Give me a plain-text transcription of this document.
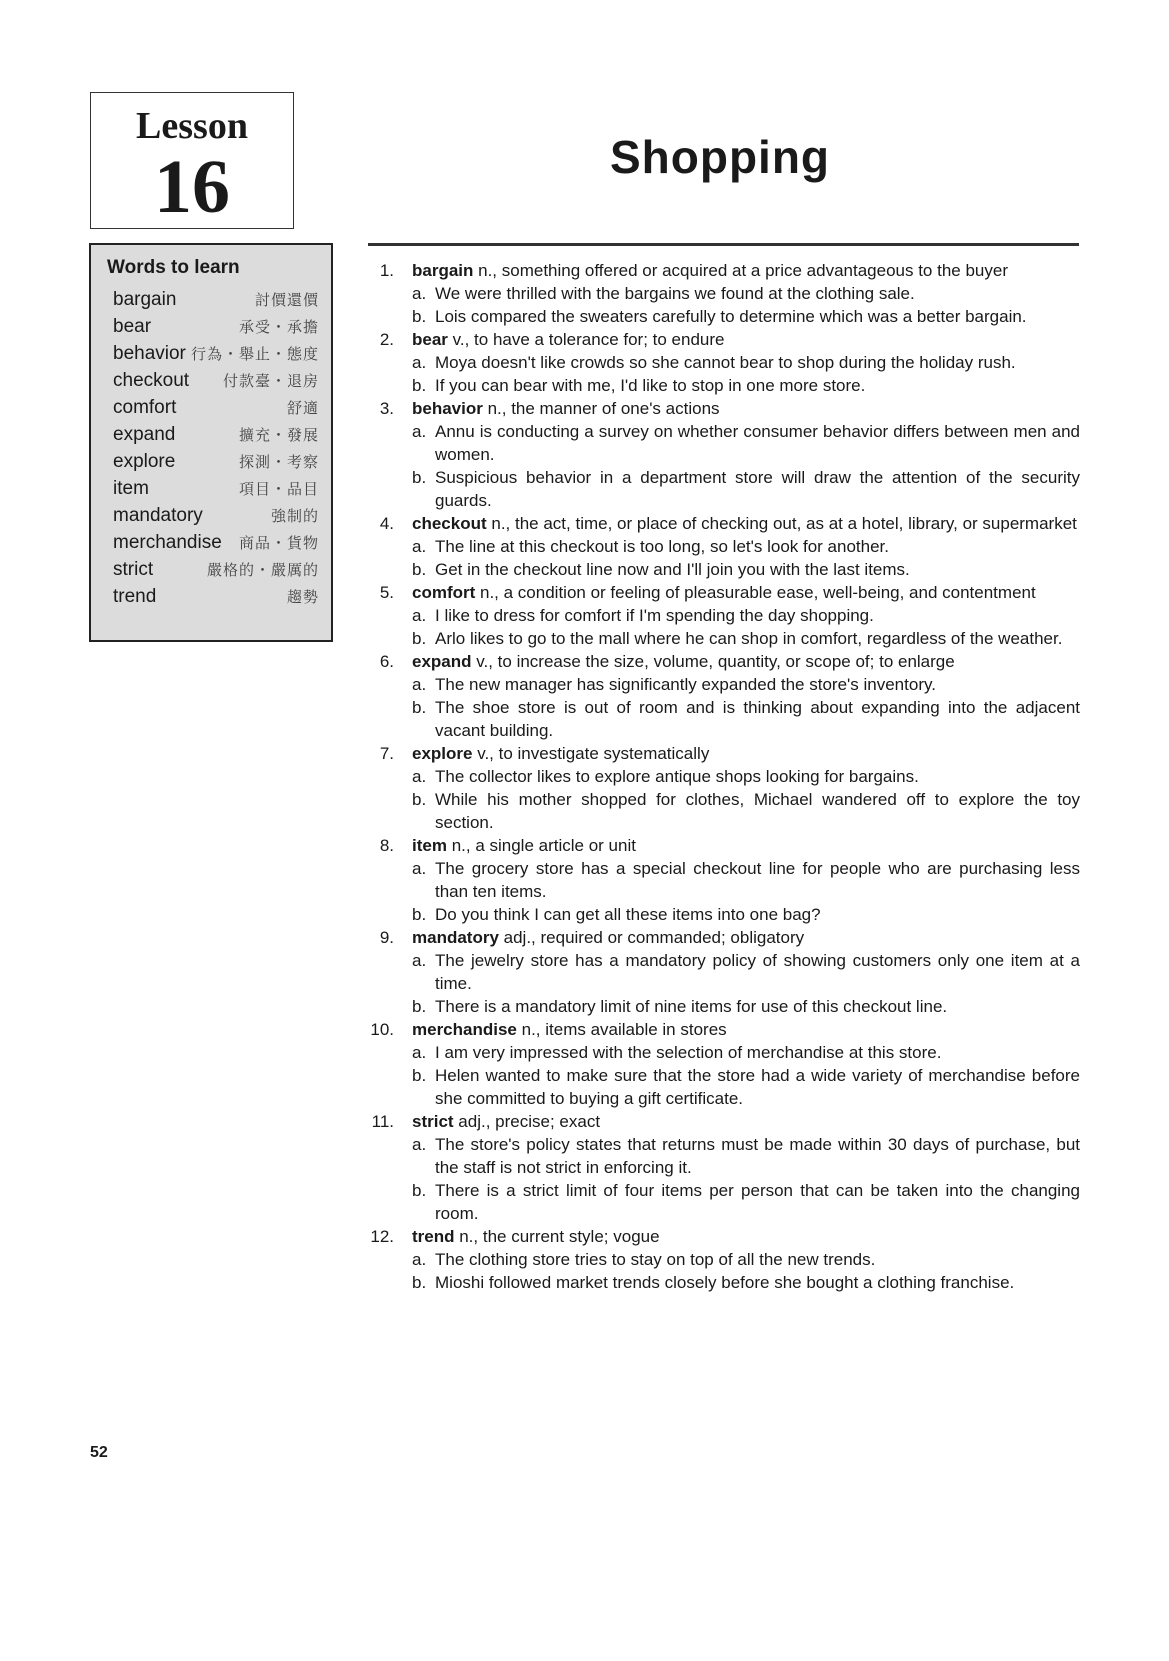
Lesson
16	Shopping
Words to learn
bargain	討價還價
bear	承受・承擔
behavior 行為・舉止・態度
checkout 付款臺・退房
comfort	舒適
expand	擴充・發展
explore	探測・考察
item	項目・品目
mandatory	強制的
merchandise 商品・貨物
strict	嚴格的・嚴厲的
trend	趨勢
1. bargain n., something offered or acquired at a price advantageous to the buyer
a. We were thrilled with the bargains we found at the clothing sale.
b. Lois compared the sweaters carefully to determine which was a better bargain.
2. bear v., to have a tolerance for; to endure
a. Moya doesn't like crowds so she cannot bear to shop during the holiday rush.
b. If you can bear with me, I'd like to stop in one more store.
3. behavior n., the manner of one's actions
a. Annu is conducting a survey on whether consumer behavior differs between men and women.
b. Suspicious behavior in a department store will draw the attention of the security guards.
4. checkout n., the act, time, or place of checking out, as at a hotel, library, or supermarket
a. The line at this checkout is too long, so let's look for another.
b. Get in the checkout line now and I'll join you with the last items.
5. comfort n., a condition or feeling of pleasurable ease, well-being, and contentment
a. I like to dress for comfort if I'm spending the day shopping.
b. Arlo likes to go to the mall where he can shop in comfort, regardless of the weather.
6. expand v., to increase the size, volume, quantity, or scope of; to enlarge
a. The new manager has significantly expanded the store's inventory.
b. The shoe store is out of room and is thinking about expanding into the adjacent vacant building.
7. explore v., to investigate systematically
a. The collector likes to explore antique shops looking for bargains.
b. While his mother shopped for clothes, Michael wandered off to explore the toy section.
8. item n., a single article or unit
a. The grocery store has a special checkout line for people who are purchasing less than ten items.
b. Do you think I can get all these items into one bag?
9. mandatory adj., required or commanded; obligatory
a. The jewelry store has a mandatory policy of showing customers only one item at a time.
b. There is a mandatory limit of nine items for use of this checkout line.
10. merchandise n., items available in stores
a. I am very impressed with the selection of merchandise at this store.
b. Helen wanted to make sure that the store had a wide variety of merchandise before she committed to buying a gift certificate.
11. strict adj., precise; exact
a. The store's policy states that returns must be made within 30 days of purchase, but the staff is not strict in enforcing it.
b. There is a strict limit of four items per person that can be taken into the changing room.
12. trend n., the current style; vogue
a. The clothing store tries to stay on top of all the new trends.
b. Mioshi followed market trends closely before she bought a clothing franchise.
52
